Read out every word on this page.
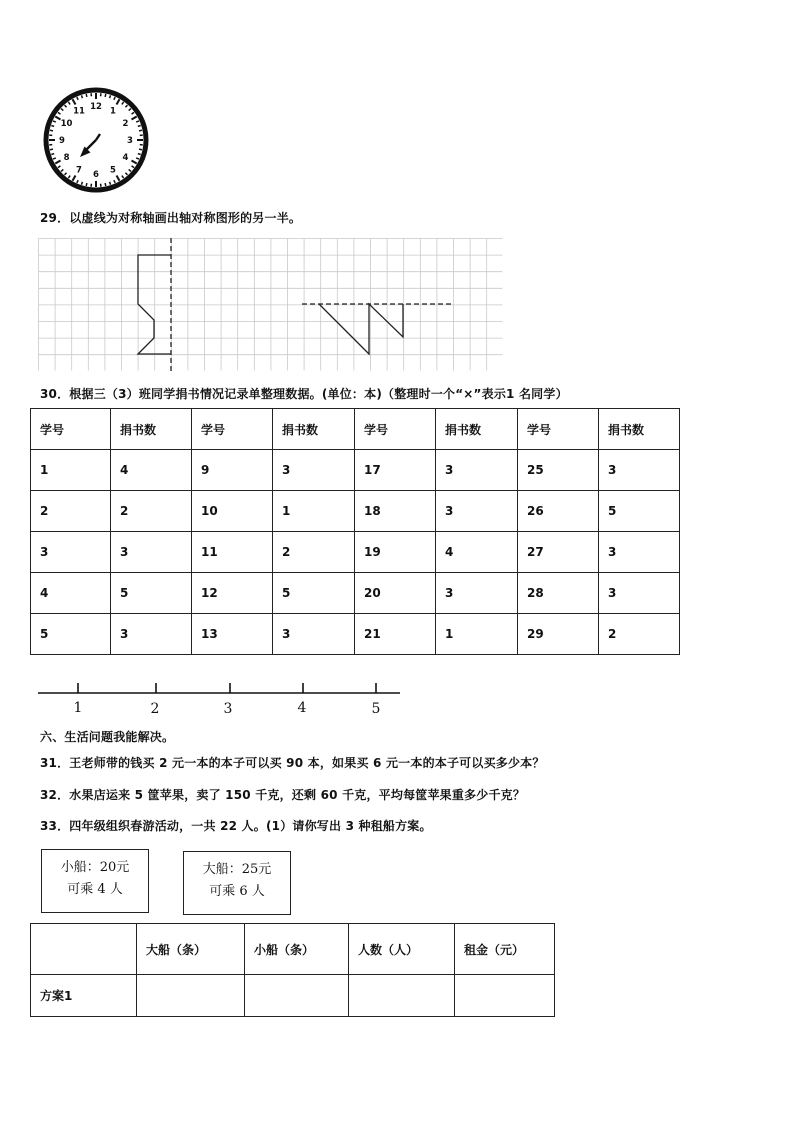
12 1
2
3
4
5
6
7
8
9
10
11
29．以虚线为对称轴画出轴对称图形的另一半。
30．根据三（3）班同学捐书情况记录单整理数据。(单位：本)（整理时一个“×”表示1 名同学）
学号	捐书数	学号	捐书数	学号	捐书数	学号	捐书数
1	4	9	3	17	3	25	3
2	2	10	1	18	3	26	5
3	3	11	2	19	4	27	3
4	5	12	5	20	3	28	3
5	3	13	3	21	1	29	2
1	2	3	4	5
六、生活问题我能解决。
31．王老师带的钱买 2 元一本的本子可以买 90 本，如果买 6 元一本的本子可以买多少本？
32．水果店运来 5 筐苹果，卖了 150 千克，还剩 60 千克，平均每筐苹果重多少千克？
33．四年级组织春游活动，一共 22 人。(1）请你写出 3 种租船方案。
小船：20元
可乘 4 人
大船：25元
可乘 6 人
	大船（条）	小船（条）	人数（人）	租金（元）
方案1				
